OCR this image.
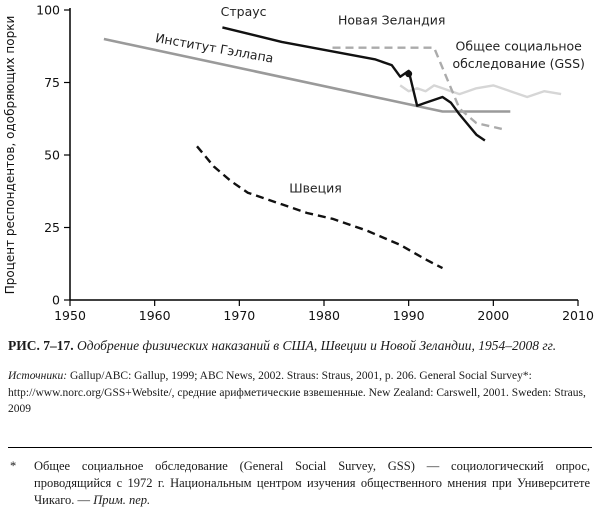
0
25
50
75
100
1950	1960	1970	1980	1990	2000	2010
Страус
Новая Зеландия
Институт Гэллапа	Общее социальное
обследование (GSS)
Швеция
Процент респондентов, одобряющих порки

РИС. 7–17. Одобрение физических наказаний в США, Швеции и Новой Зеландии, 1954–2008 гг.

Источники: Gallup/ABC: Gallup, 1999; ABC News, 2002. Straus: Straus, 2001, p. 206. General Social Survey*: http://www.norc.org/GSS+Website/, средние арифметические взвешенные. New Zealand: Carswell, 2001. Sweden: Straus, 2009

* Общее социальное обследование (General Social Survey, GSS) — социологический опрос, проводящийся с 1972 г. Национальным центром изучения общественного мнения при Университете Чикаго. — Прим. пер.
